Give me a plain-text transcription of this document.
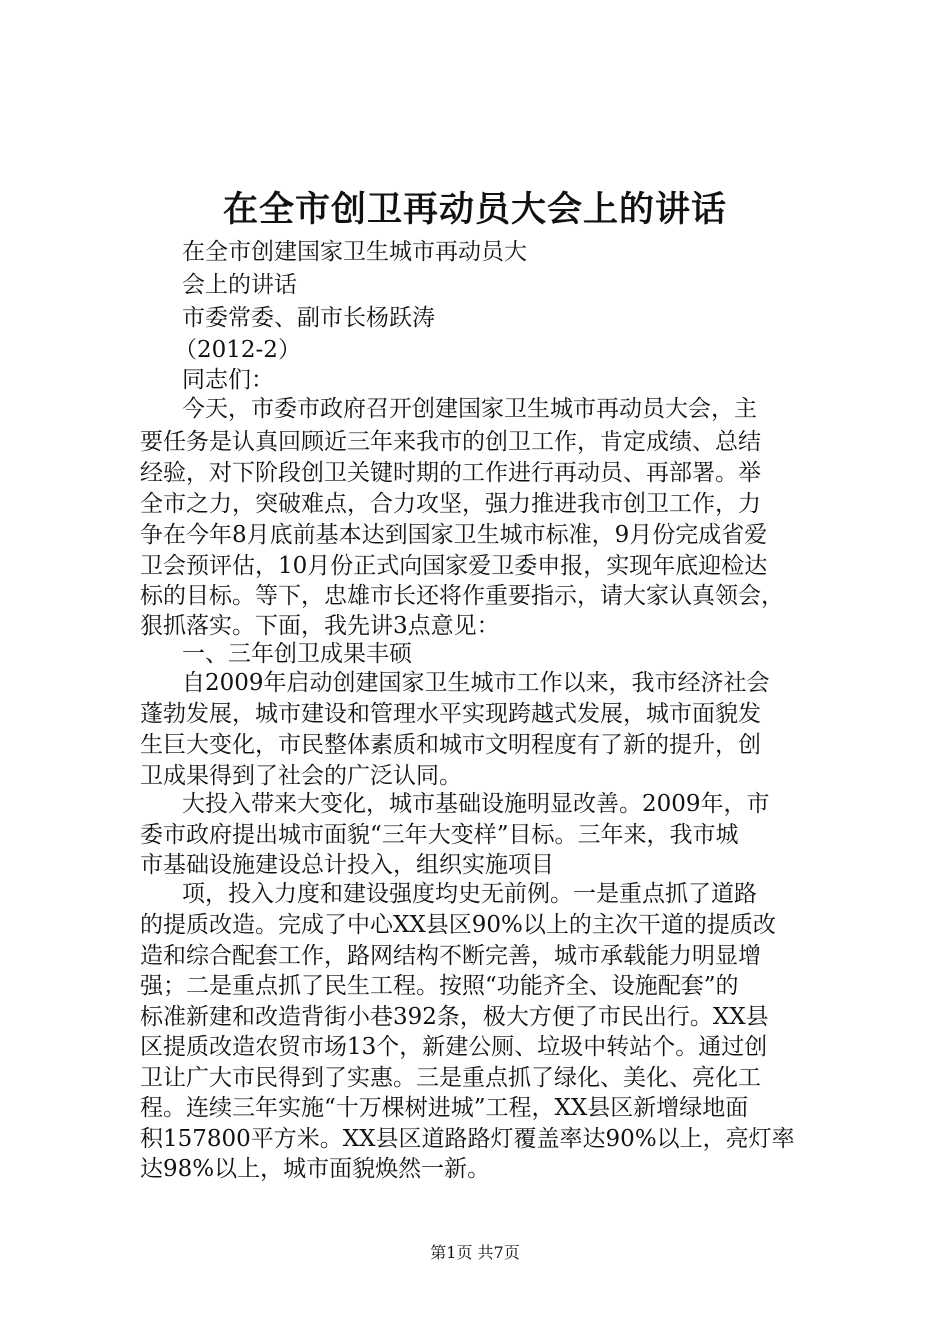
在全市创卫再动员大会上的讲话
在全市创建国家卫生城市再动员大
会上的讲话
市委常委、副市长杨跃涛
（2012-2）
同志们：
今天，市委市政府召开创建国家卫生城市再动员大会，主
要任务是认真回顾近三年来我市的创卫工作，肯定成绩、总结
经验，对下阶段创卫关键时期的工作进行再动员、再部署。举
全市之力，突破难点，合力攻坚，强力推进我市创卫工作，力
争在今年8月底前基本达到国家卫生城市标准，9月份完成省爱
卫会预评估，10月份正式向国家爱卫委申报，实现年底迎检达
标的目标。等下，忠雄市长还将作重要指示，请大家认真领会，
狠抓落实。下面，我先讲3点意见：
一、三年创卫成果丰硕
自2009年启动创建国家卫生城市工作以来，我市经济社会
蓬勃发展，城市建设和管理水平实现跨越式发展，城市面貌发
生巨大变化，市民整体素质和城市文明程度有了新的提升，创
卫成果得到了社会的广泛认同。
大投入带来大变化，城市基础设施明显改善。2009年，市
委市政府提出城市面貌“三年大变样”目标。三年来，我市城
市基础设施建设总计投入，组织实施项目
项，投入力度和建设强度均史无前例。一是重点抓了道路
的提质改造。完成了中心XX县区90%以上的主次干道的提质改
造和综合配套工作，路网结构不断完善，城市承载能力明显增
强；二是重点抓了民生工程。按照“功能齐全、设施配套”的
标准新建和改造背街小巷392条，极大方便了市民出行。XX县
区提质改造农贸市场13个，新建公厕、垃圾中转站个。通过创
卫让广大市民得到了实惠。三是重点抓了绿化、美化、亮化工
程。连续三年实施“十万棵树进城”工程，XX县区新增绿地面
积157800平方米。XX县区道路路灯覆盖率达90%以上，亮灯率
达98%以上，城市面貌焕然一新。
第1页 共7页
